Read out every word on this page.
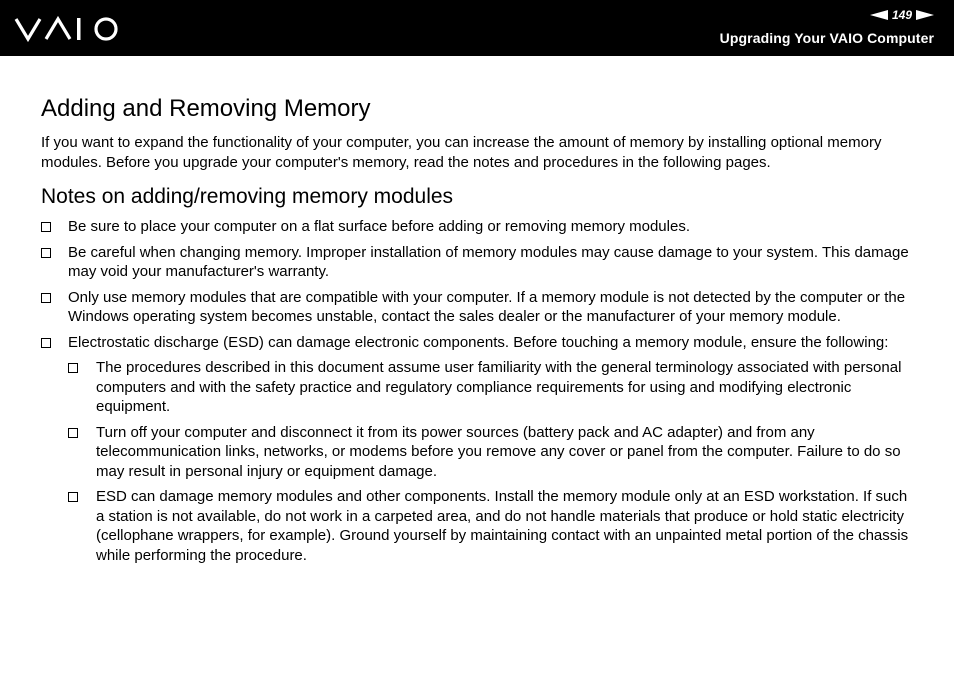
149
Upgrading Your VAIO Computer
Adding and Removing Memory

If you want to expand the functionality of your computer, you can increase the amount of memory by installing optional memory modules. Before you upgrade your computer's memory, read the notes and procedures in the following pages.

Notes on adding/removing memory modules
Be sure to place your computer on a flat surface before adding or removing memory modules.
Be careful when changing memory. Improper installation of memory modules may cause damage to your system. This damage may void your manufacturer's warranty.
Only use memory modules that are compatible with your computer. If a memory module is not detected by the computer or the Windows operating system becomes unstable, contact the sales dealer or the manufacturer of your memory module.
Electrostatic discharge (ESD) can damage electronic components. Before touching a memory module, ensure the following:
The procedures described in this document assume user familiarity with the general terminology associated with personal computers and with the safety practice and regulatory compliance requirements for using and modifying electronic equipment.
Turn off your computer and disconnect it from its power sources (battery pack and AC adapter) and from any telecommunication links, networks, or modems before you remove any cover or panel from the computer. Failure to do so may result in personal injury or equipment damage.
ESD can damage memory modules and other components. Install the memory module only at an ESD workstation. If such a station is not available, do not work in a carpeted area, and do not handle materials that produce or hold static electricity (cellophane wrappers, for example). Ground yourself by maintaining contact with an unpainted metal portion of the chassis while performing the procedure.
